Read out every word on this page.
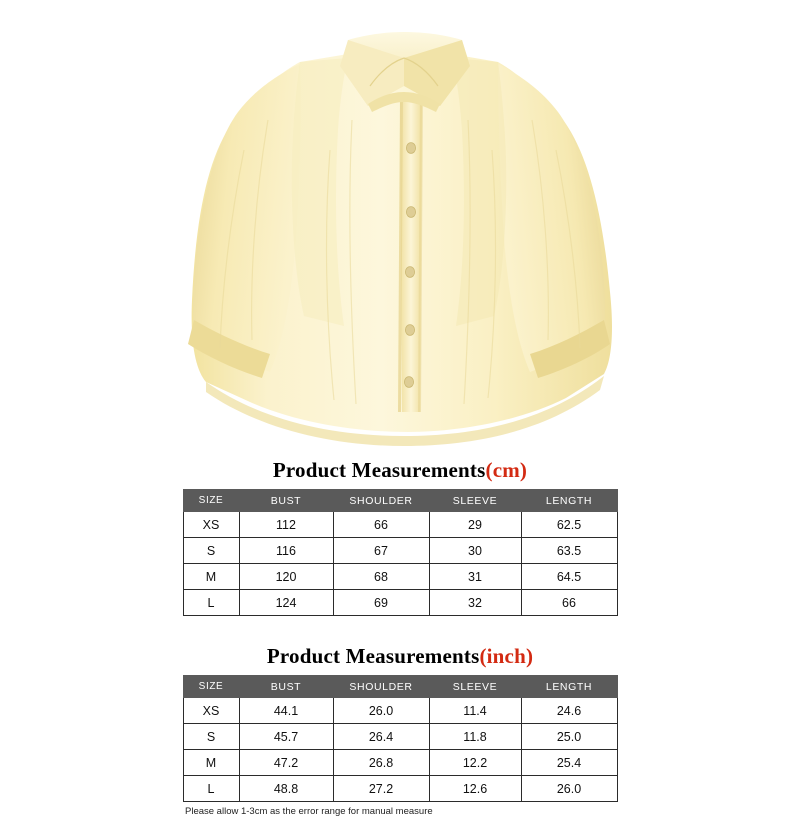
Product Measurements(cm)
SIZE	BUST	SHOULDER	SLEEVE	LENGTH
XS	112	66	29	62.5
S	116	67	30	63.5
M	120	68	31	64.5
L	124	69	32	66
Product Measurements(inch)
SIZE	BUST	SHOULDER	SLEEVE	LENGTH
XS	44.1	26.0	11.4	24.6
S	45.7	26.4	11.8	25.0
M	47.2	26.8	12.2	25.4
L	48.8	27.2	12.6	26.0
Please allow 1-3cm as the error range for manual measure
